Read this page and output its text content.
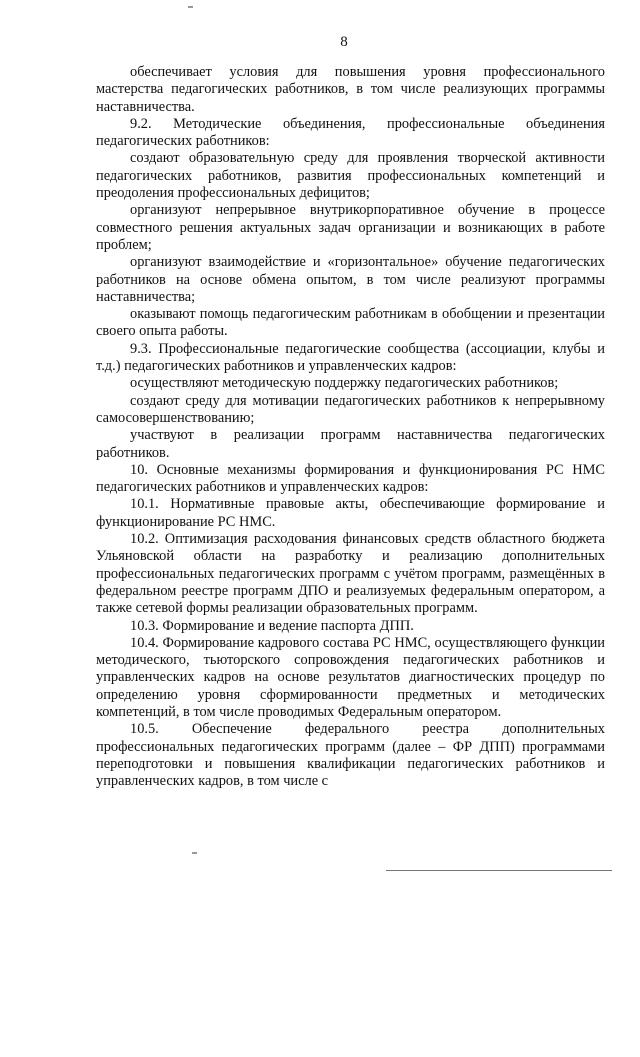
8

обеспечивает условия для повышения уровня профессионального мастерства педагогических работников, в том числе реализующих программы наставничества.

9.2. Методические объединения, профессиональные объединения педагогических работников:

создают образовательную среду для проявления творческой активности педагогических работников, развития профессиональных компетенций и преодоления профессиональных дефицитов;

организуют непрерывное внутрикорпоративное обучение в процессе совместного решения актуальных задач организации и возникающих в работе проблем;

организуют взаимодействие и «горизонтальное» обучение педагогических работников на основе обмена опытом, в том числе реализуют программы наставничества;

оказывают помощь педагогическим работникам в обобщении и презентации своего опыта работы.

9.3. Профессиональные педагогические сообщества (ассоциации, клубы и т.д.) педагогических работников и управленческих кадров:

осуществляют методическую поддержку педагогических работников;

создают среду для мотивации педагогических работников к непрерывному самосовершенствованию;

участвуют в реализации программ наставничества педагогических работников.

10. Основные механизмы формирования и функционирования РС НМС педагогических работников и управленческих кадров:

10.1. Нормативные правовые акты, обеспечивающие формирование и функционирование РС НМС.

10.2. Оптимизация расходования финансовых средств областного бюджета Ульяновской области на разработку и реализацию дополнительных профессиональных педагогических программ с учётом программ, размещённых в федеральном реестре программ ДПО и реализуемых федеральным оператором, а также сетевой формы реализации образовательных программ.

10.3. Формирование и ведение паспорта ДПП.

10.4. Формирование кадрового состава РС НМС, осуществляющего функции методического, тьюторского сопровождения педагогических работников и управленческих кадров на основе результатов диагностических процедур по определению уровня сформированности предметных и методических компетенций, в том числе проводимых Федеральным оператором.

10.5. Обеспечение федерального реестра дополнительных профессиональных педагогических программ (далее – ФР ДПП) программами переподготовки и повышения квалификации педагогических работников и управленческих кадров, в том числе с
